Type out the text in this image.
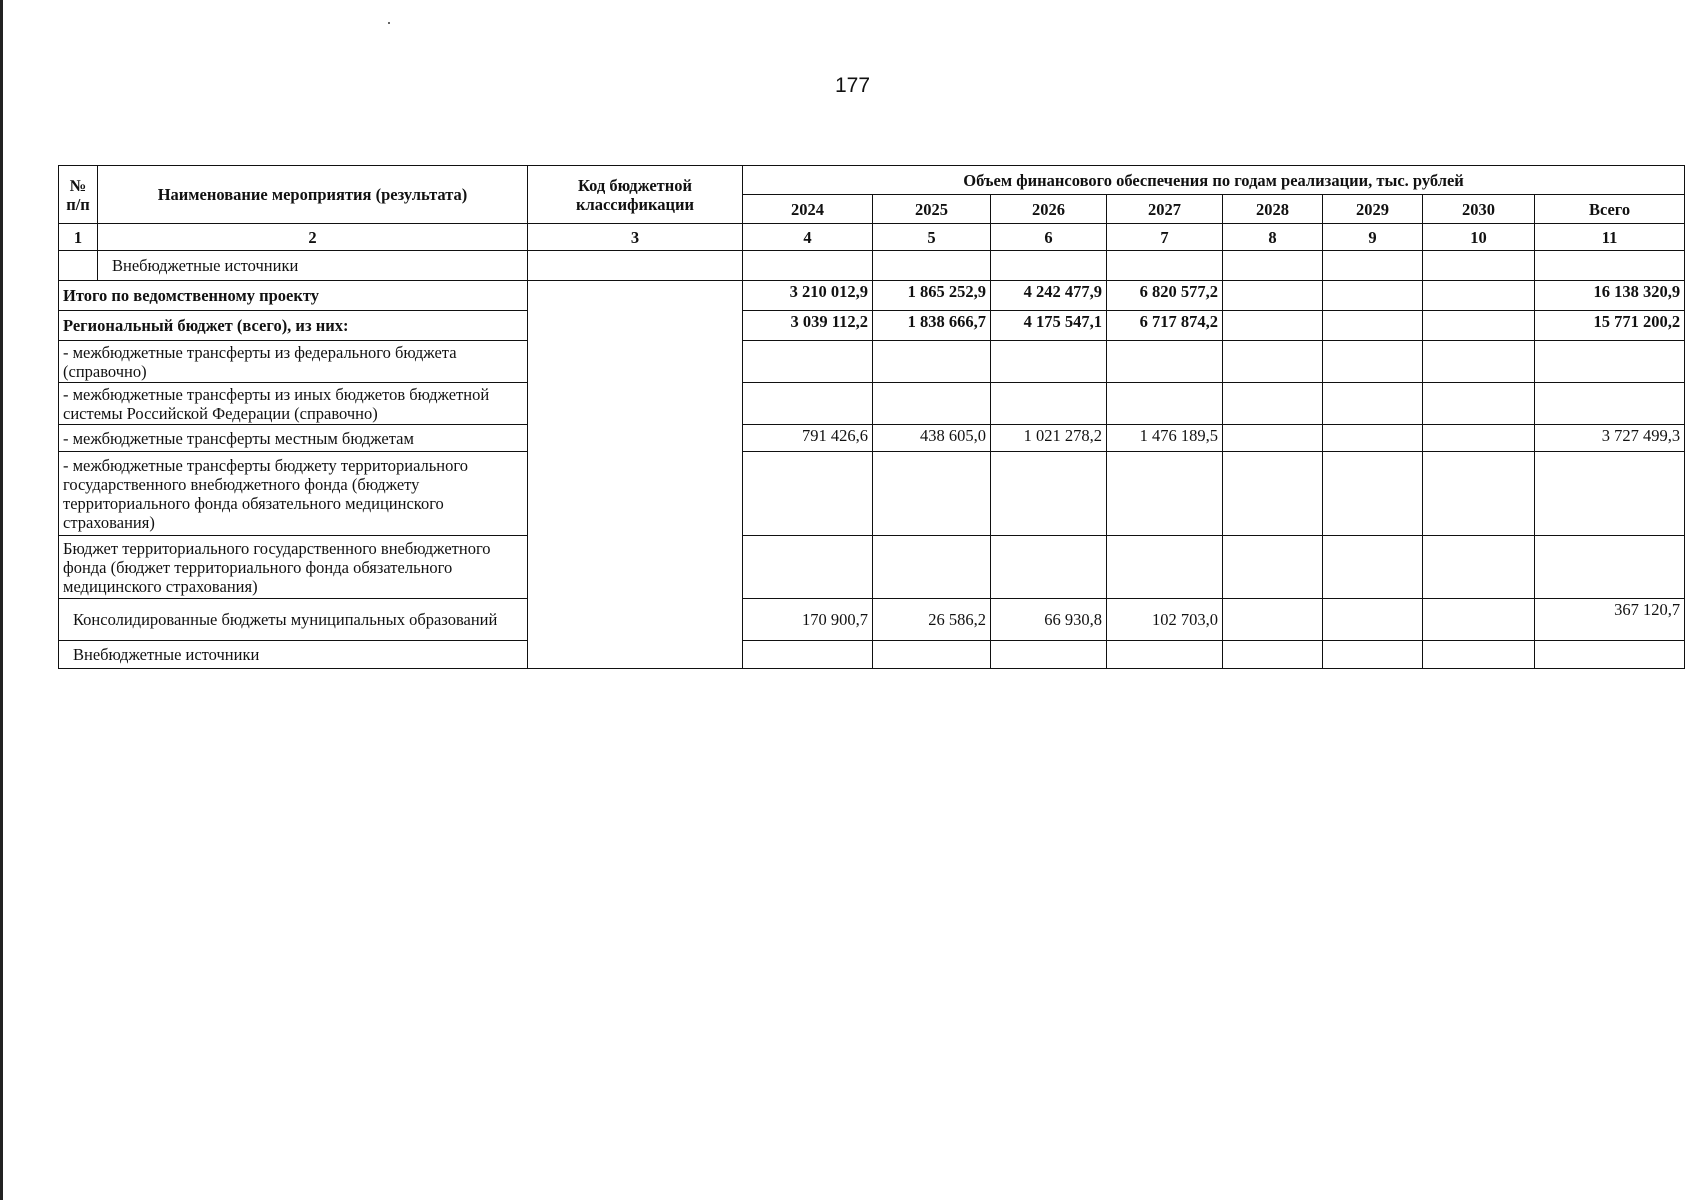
177
№ п/п	Наименование мероприятия (результата)	Код бюджетной классификации	Объем финансового обеспечения по годам реализации, тыс. рублей							
			2024	2025	2026	2027	2028	2029	2030	Всего
1	2	3	4	5	6	7	8	9	10	11
	Внебюджетные источники									
Итого по ведомственному проекту			3 210 012,9	1 865 252,9	4 242 477,9	6 820 577,2				16 138 320,9
Региональный бюджет (всего), из них:			3 039 112,2	1 838 666,7	4 175 547,1	6 717 874,2				15 771 200,2
- межбюджетные трансферты из федерального бюджета (справочно)										
- межбюджетные трансферты из иных бюджетов бюджетной системы Российской Федерации (справочно)										
- межбюджетные трансферты местным бюджетам			791 426,6	438 605,0	1 021 278,2	1 476 189,5				3 727 499,3
- межбюджетные трансферты бюджету территориального государственного внебюджетного фонда (бюджету территориального фонда обязательного медицинского страхования)										
Бюджет территориального государственного внебюджетного фонда (бюджет территориального фонда обязательного медицинского страхования)										
Консолидированные бюджеты муниципальных образований			170 900,7	26 586,2	66 930,8	102 703,0				367 120,7
Внебюджетные источники										
